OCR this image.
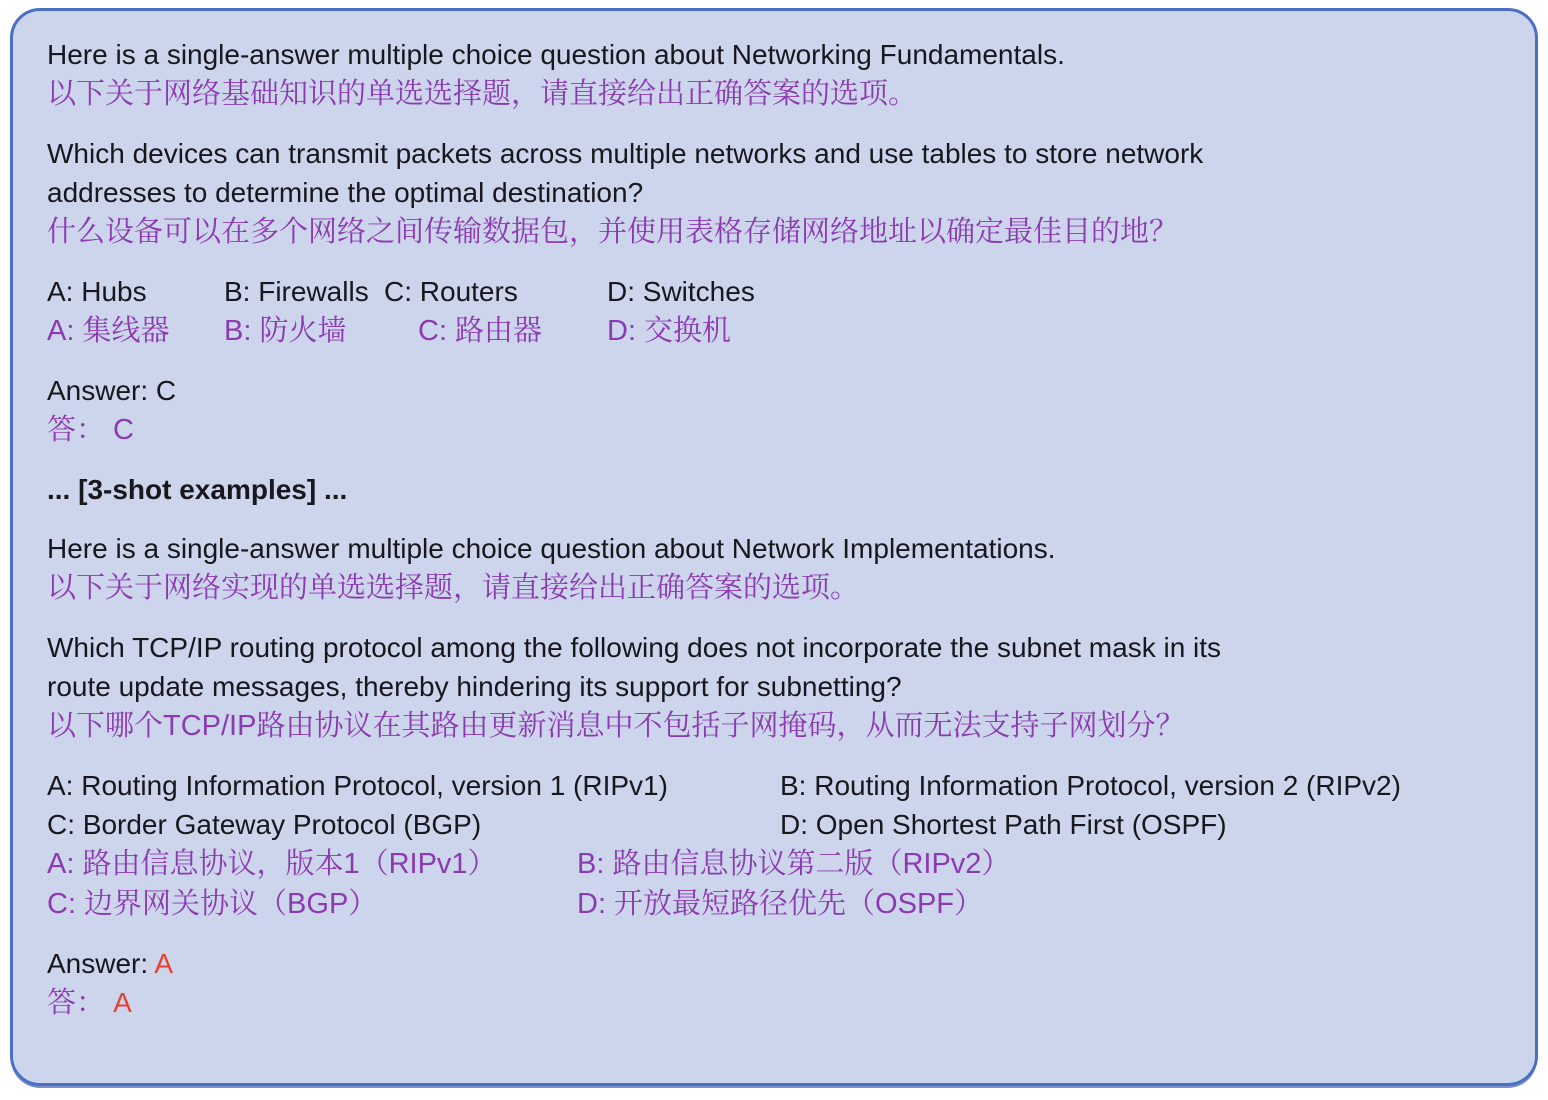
Here is a single-answer multiple choice question about Networking Fundamentals.
以下关于网络基础知识的单选选择题，请直接给出正确答案的选项。
Which devices can transmit packets across multiple networks and use tables to store network
addresses to determine the optimal destination?
什么设备可以在多个网络之间传输数据包，并使用表格存储网络地址以确定最佳目的地？
A: Hubs	B: Firewalls C: Routers	D: Switches
A: 集线器 B: 防火墙 C: 路由器 D: 交换机
Answer: C
答： C
... [3-shot examples] ...
Here is a single-answer multiple choice question about Network Implementations.
以下关于网络实现的单选选择题，请直接给出正确答案的选项。
Which TCP/IP routing protocol among the following does not incorporate the subnet mask in its
route update messages, thereby hindering its support for subnetting?
以下哪个TCP/IP路由协议在其路由更新消息中不包括子网掩码，从而无法支持子网划分？
A: Routing Information Protocol, version 1 (RIPv1)	B: Routing Information Protocol, version 2 (RIPv2)
C: Border Gateway Protocol (BGP)	D: Open Shortest Path First (OSPF)
A: 路由信息协议，版本1（RIPv1）	B: 路由信息协议第二版（RIPv2）
C: 边界网关协议（BGP）	D: 开放最短路径优先（OSPF）
Answer: A
答： A
